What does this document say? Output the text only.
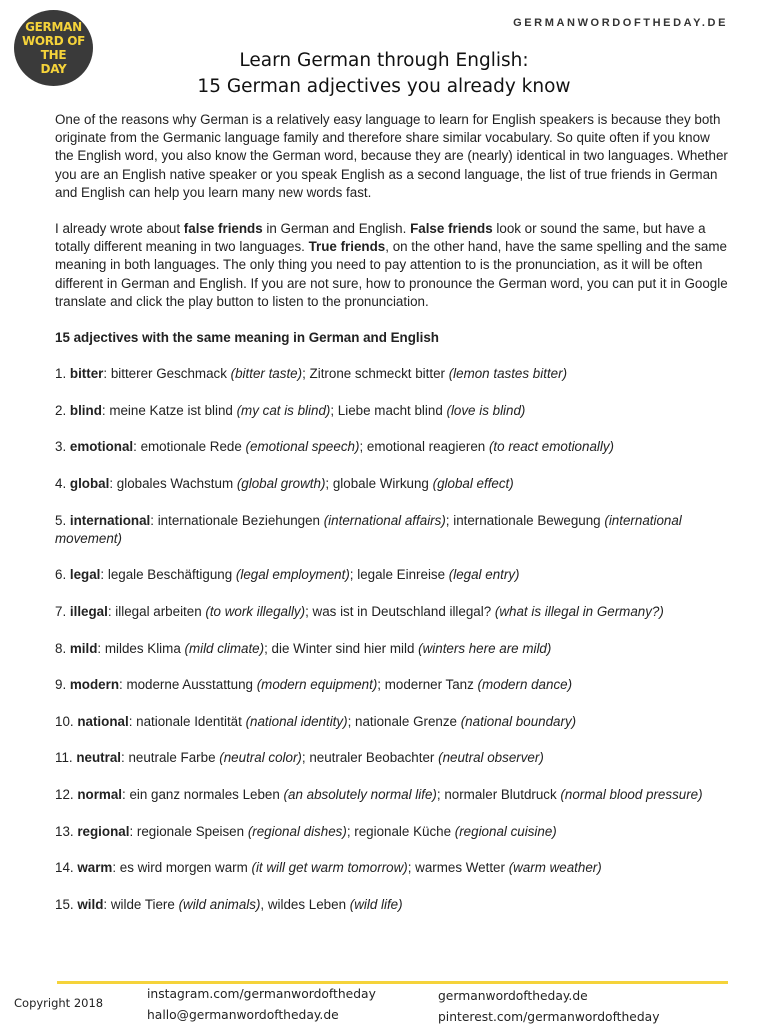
GERMAN
WORD OF THE
DAY
GERMANWORDOFTHEDAY.DE
Learn German through English:
15 German adjectives you already know

One of the reasons why German is a relatively easy language to learn for English speakers is because they both originate from the Germanic language family and therefore share similar vocabulary. So quite often if you know the English word, you also know the German word, because they are (nearly) identical in two languages. Whether you are an English native speaker or you speak English as a second language, the list of true friends in German and English can help you learn many new words fast.

I already wrote about false friends in German and English. False friends look or sound the same, but have a totally different meaning in two languages. True friends, on the other hand, have the same spelling and the same meaning in both languages. The only thing you need to pay attention to is the pronunciation, as it will be often different in German and English. If you are not sure, how to pronounce the German word, you can put it in Google translate and click the play button to listen to the pronunciation.

15 adjectives with the same meaning in German and English

1. bitter: bitterer Geschmack (bitter taste); Zitrone schmeckt bitter (lemon tastes bitter)
2. blind: meine Katze ist blind (my cat is blind); Liebe macht blind (love is blind)
3. emotional: emotionale Rede (emotional speech); emotional reagieren (to react emotionally)
4. global: globales Wachstum (global growth); globale Wirkung (global effect)
5. international: internationale Beziehungen (international affairs); internationale Bewegung (international movement)
6. legal: legale Beschäftigung (legal employment); legale Einreise (legal entry)
7. illegal: illegal arbeiten (to work illegally); was ist in Deutschland illegal? (what is illegal in Germany?)
8. mild: mildes Klima (mild climate); die Winter sind hier mild (winters here are mild)
9. modern: moderne Ausstattung (modern equipment); moderner Tanz (modern dance)
10. national: nationale Identität (national identity); nationale Grenze (national boundary)
11. neutral: neutrale Farbe (neutral color); neutraler Beobachter (neutral observer)
12. normal: ein ganz normales Leben (an absolutely normal life); normaler Blutdruck (normal blood pressure)
13. regional: regionale Speisen (regional dishes); regionale Küche (regional cuisine)
14. warm: es wird morgen warm (it will get warm tomorrow); warmes Wetter (warm weather)
15. wild: wilde Tiere (wild animals), wildes Leben (wild life)
Copyright 2018
instagram.com/germanwordoftheday
hallo@germanwordoftheday.de
germanwordoftheday.de
pinterest.com/germanwordoftheday
